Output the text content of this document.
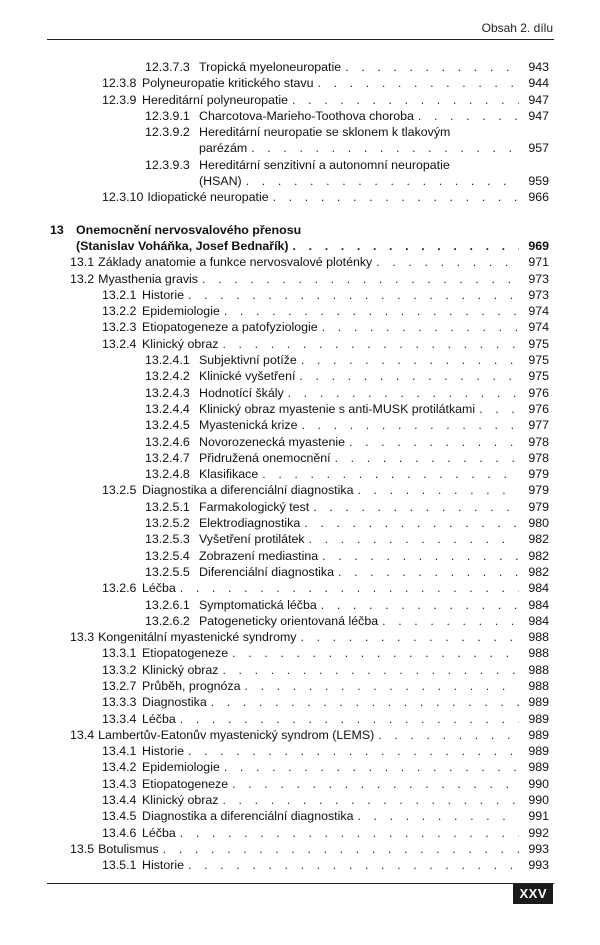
Obsah 2. dílu
12.3.7.3 Tropická myeloneuropatie . . .	943
12.3.8 Polyneuropatie kritického stavu . . .	944
12.3.9 Hereditární polyneuropatie . . .	947
12.3.9.1 Charcotova-Marieho-Toothova choroba . . .	947
12.3.9.2 Hereditární neuropatie se sklonem k tlakovým
parézám . . .	957
12.3.9.3 Hereditární senzitivní a autonomní neuropatie
(HSAN) . . .	959
12.3.10 Idiopatické neuropatie . . .	966
13 Onemocnění nervosvalového přenosu
(Stanislav Voháňka, Josef Bednařík) . . .	969
13.1 Základy anatomie a funkce nervosvalové ploténky . . .	971
13.2 Myasthenia gravis . . .	973
13.2.1 Historie . . .	973
13.2.2 Epidemiologie . . .	974
13.2.3 Etiopatogeneze a patofyziologie . . .	974
13.2.4 Klinický obraz . . .	975
13.2.4.1 Subjektivní potíže . . .	975
13.2.4.2 Klinické vyšetření . . .	975
13.2.4.3 Hodnotící škály . . .	976
13.2.4.4 Klinický obraz myastenie s anti-MUSK protilátkami . . .	976
13.2.4.5 Myastenická krize . . .	977
13.2.4.6 Novorozenecká myastenie . . .	978
13.2.4.7 Přidružená onemocnění . . .	978
13.2.4.8 Klasifikace . . .	979
13.2.5 Diagnostika a diferenciální diagnostika . . .	979
13.2.5.1 Farmakologický test . . .	979
13.2.5.2 Elektrodiagnostika . . .	980
13.2.5.3 Vyšetření protilátek . . .	982
13.2.5.4 Zobrazení mediastina . . .	982
13.2.5.5 Diferenciální diagnostika . . .	982
13.2.6 Léčba . . .	984
13.2.6.1 Symptomatická léčba . . .	984
13.2.6.2 Patogeneticky orientovaná léčba . . .	984
13.3 Kongenitální myastenické syndromy . . .	988
13.3.1 Etiopatogeneze . . .	988
13.3.2 Klinický obraz . . .	988
13.2.7 Průběh, prognóza . . .	988
13.3.3 Diagnostika . . .	989
13.3.4 Léčba . . .	989
13.4 Lambertův-Eatonův myastenický syndrom (LEMS) . . .	989
13.4.1 Historie . . .	989
13.4.2 Epidemiologie . . .	989
13.4.3 Etiopatogeneze . . .	990
13.4.4 Klinický obraz . . .	990
13.4.5 Diagnostika a diferenciální diagnostika . . .	991
13.4.6 Léčba . . .	992
13.5 Botulismus . . .	993
13.5.1 Historie . . .	993
XXV
